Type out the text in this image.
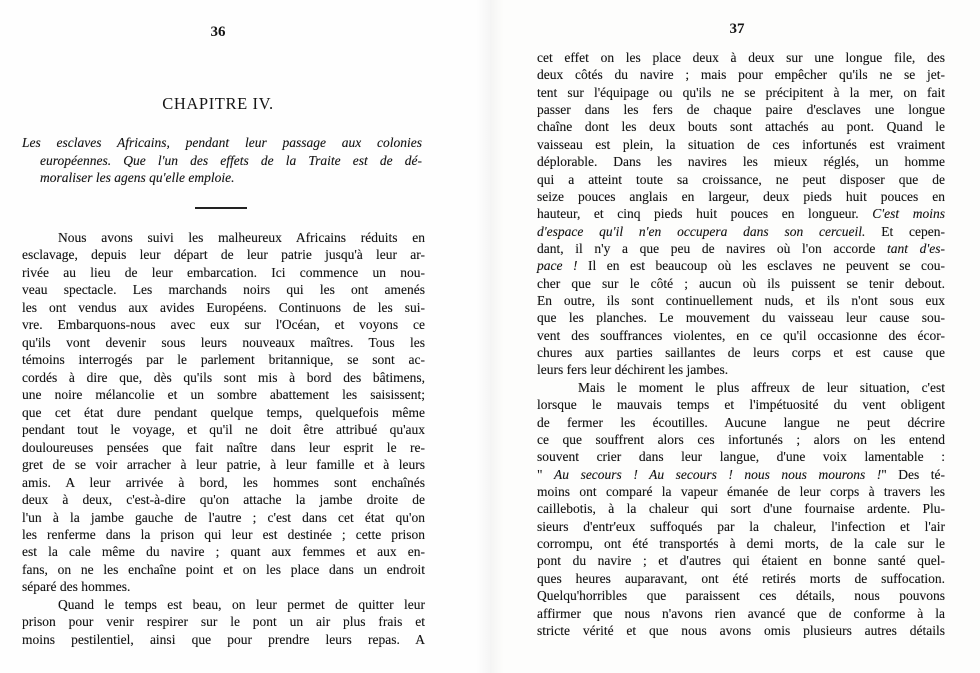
36
CHAPITRE IV.
Les esclaves Africains, pendant leur passage aux colonies
européennes. Que l'un des effets de la Traite est de dé-
moraliser les agens qu'elle emploie.
Nous avons suivi les malheureux Africains réduits en
esclavage, depuis leur départ de leur patrie jusqu'à leur ar-
rivée au lieu de leur embarcation. Ici commence un nou-
veau spectacle. Les marchands noirs qui les ont amenés
les ont vendus aux avides Européens. Continuons de les sui-
vre. Embarquons-nous avec eux sur l'Océan, et voyons ce
qu'ils vont devenir sous leurs nouveaux maîtres. Tous les
témoins interrogés par le parlement britannique, se sont ac-
cordés à dire que, dès qu'ils sont mis à bord des bâtimens,
une noire mélancolie et un sombre abattement les saisissent;
que cet état dure pendant quelque temps, quelquefois même
pendant tout le voyage, et qu'il ne doit être attribué qu'aux
douloureuses pensées que fait naître dans leur esprit le re-
gret de se voir arracher à leur patrie, à leur famille et à leurs
amis. A leur arrivée à bord, les hommes sont enchaînés
deux à deux, c'est-à-dire qu'on attache la jambe droite de
l'un à la jambe gauche de l'autre ; c'est dans cet état qu'on
les renferme dans la prison qui leur est destinée ; cette prison
est la cale même du navire ; quant aux femmes et aux en-
fans, on ne les enchaîne point et on les place dans un endroit
séparé des hommes.
Quand le temps est beau, on leur permet de quitter leur
prison pour venir respirer sur le pont un air plus frais et
moins pestilentiel, ainsi que pour prendre leurs repas. A
37
cet effet on les place deux à deux sur une longue file, des
deux côtés du navire ; mais pour empêcher qu'ils ne se jet-
tent sur l'équipage ou qu'ils ne se précipitent à la mer, on fait
passer dans les fers de chaque paire d'esclaves une longue
chaîne dont les deux bouts sont attachés au pont. Quand le
vaisseau est plein, la situation de ces infortunés est vraiment
déplorable. Dans les navires les mieux réglés, un homme
qui a atteint toute sa croissance, ne peut disposer que de
seize pouces anglais en largeur, deux pieds huit pouces en
hauteur, et cinq pieds huit pouces en longueur. C'est moins
d'espace qu'il n'en occupera dans son cercueil. Et cepen-
dant, il n'y a que peu de navires où l'on accorde tant d'es-
pace ! Il en est beaucoup où les esclaves ne peuvent se cou-
cher que sur le côté ; aucun où ils puissent se tenir debout.
En outre, ils sont continuellement nuds, et ils n'ont sous eux
que les planches. Le mouvement du vaisseau leur cause sou-
vent des souffrances violentes, en ce qu'il occasionne des écor-
chures aux parties saillantes de leurs corps et est cause que
leurs fers leur déchirent les jambes.
Mais le moment le plus affreux de leur situation, c'est
lorsque le mauvais temps et l'impétuosité du vent obligent
de fermer les écoutilles. Aucune langue ne peut décrire
ce que souffrent alors ces infortunés ; alors on les entend
souvent crier dans leur langue, d'une voix lamentable :
" Au secours ! Au secours ! nous nous mourons !" Des té-
moins ont comparé la vapeur émanée de leur corps à travers les
caillebotis, à la chaleur qui sort d'une fournaise ardente. Plu-
sieurs d'entr'eux suffoqués par la chaleur, l'infection et l'air
corrompu, ont été transportés à demi morts, de la cale sur le
pont du navire ; et d'autres qui étaient en bonne santé quel-
ques heures auparavant, ont été retirés morts de suffocation.
Quelqu'horribles que paraissent ces détails, nous pouvons
affirmer que nous n'avons rien avancé que de conforme à la
stricte vérité et que nous avons omis plusieurs autres détails
